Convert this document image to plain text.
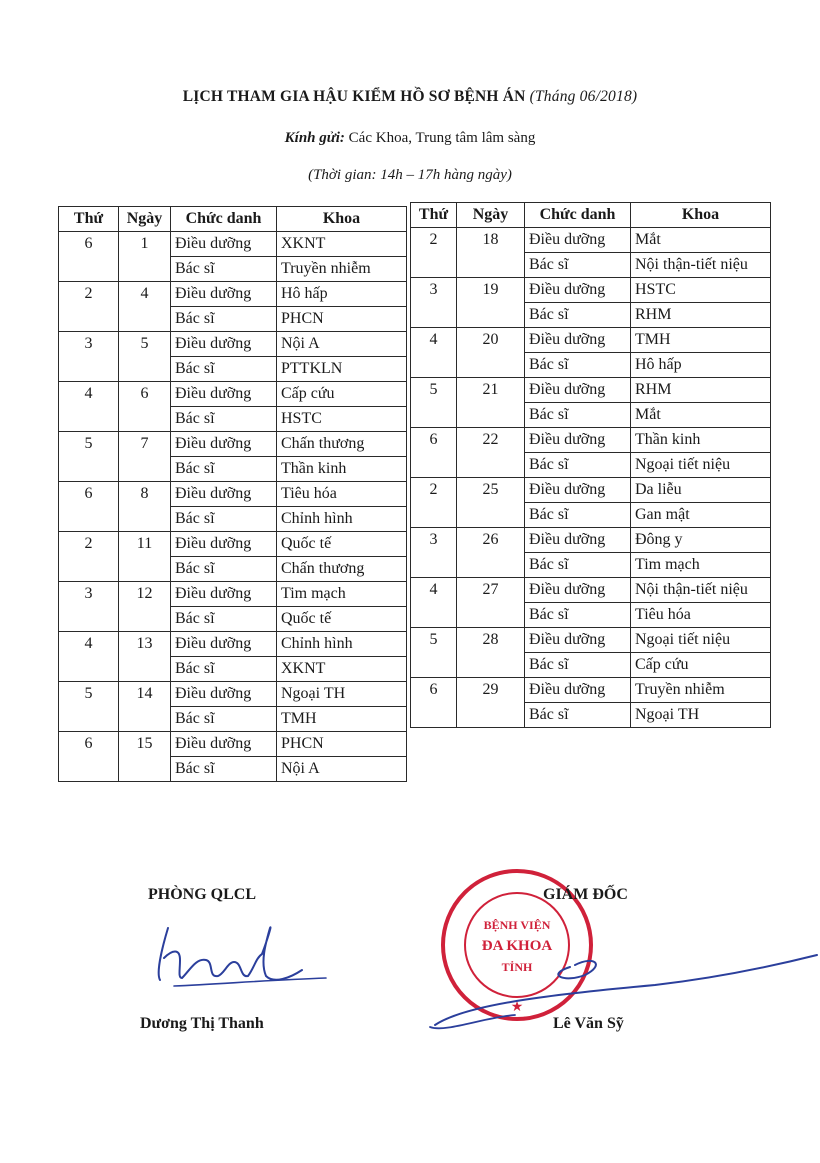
LỊCH THAM GIA HẬU KIỂM HỒ SƠ BỆNH ÁN (Tháng 06/2018)
Kính gửi: Các Khoa, Trung tâm lâm sàng
(Thời gian: 14h – 17h hàng ngày)
Thứ	Ngày	Chức danh	Khoa
6	1	Điều dưỡng	XKNT
		Bác sĩ	Truyền nhiễm
2	4	Điều dưỡng	Hô hấp
		Bác sĩ	PHCN
3	5	Điều dưỡng	Nội A
		Bác sĩ	PTTKLN
4	6	Điều dưỡng	Cấp cứu
		Bác sĩ	HSTC
5	7	Điều dưỡng	Chấn thương
		Bác sĩ	Thần kinh
6	8	Điều dưỡng	Tiêu hóa
		Bác sĩ	Chỉnh hình
2	11	Điều dưỡng	Quốc tế
		Bác sĩ	Chấn thương
3	12	Điều dưỡng	Tim mạch
		Bác sĩ	Quốc tế
4	13	Điều dưỡng	Chỉnh hình
		Bác sĩ	XKNT
5	14	Điều dưỡng	Ngoại TH
		Bác sĩ	TMH
6	15	Điều dưỡng	PHCN
		Bác sĩ	Nội A
Thứ	Ngày	Chức danh	Khoa
2	18	Điều dưỡng	Mắt
		Bác sĩ	Nội thận-tiết niệu
3	19	Điều dưỡng	HSTC
		Bác sĩ	RHM
4	20	Điều dưỡng	TMH
		Bác sĩ	Hô hấp
5	21	Điều dưỡng	RHM
		Bác sĩ	Mắt
6	22	Điều dưỡng	Thần kinh
		Bác sĩ	Ngoại tiết niệu
2	25	Điều dưỡng	Da liễu
		Bác sĩ	Gan mật
3	26	Điều dưỡng	Đông y
		Bác sĩ	Tim mạch
4	27	Điều dưỡng	Nội thận-tiết niệu
		Bác sĩ	Tiêu hóa
5	28	Điều dưỡng	Ngoại tiết niệu
		Bác sĩ	Cấp cứu
6	29	Điều dưỡng	Truyền nhiễm
		Bác sĩ	Ngoại TH
PHÒNG QLCL
Dương Thị Thanh
★
BỆNH VIỆN
ĐA KHOA
TỈNH
GIÁM ĐỐC
Lê Văn Sỹ
